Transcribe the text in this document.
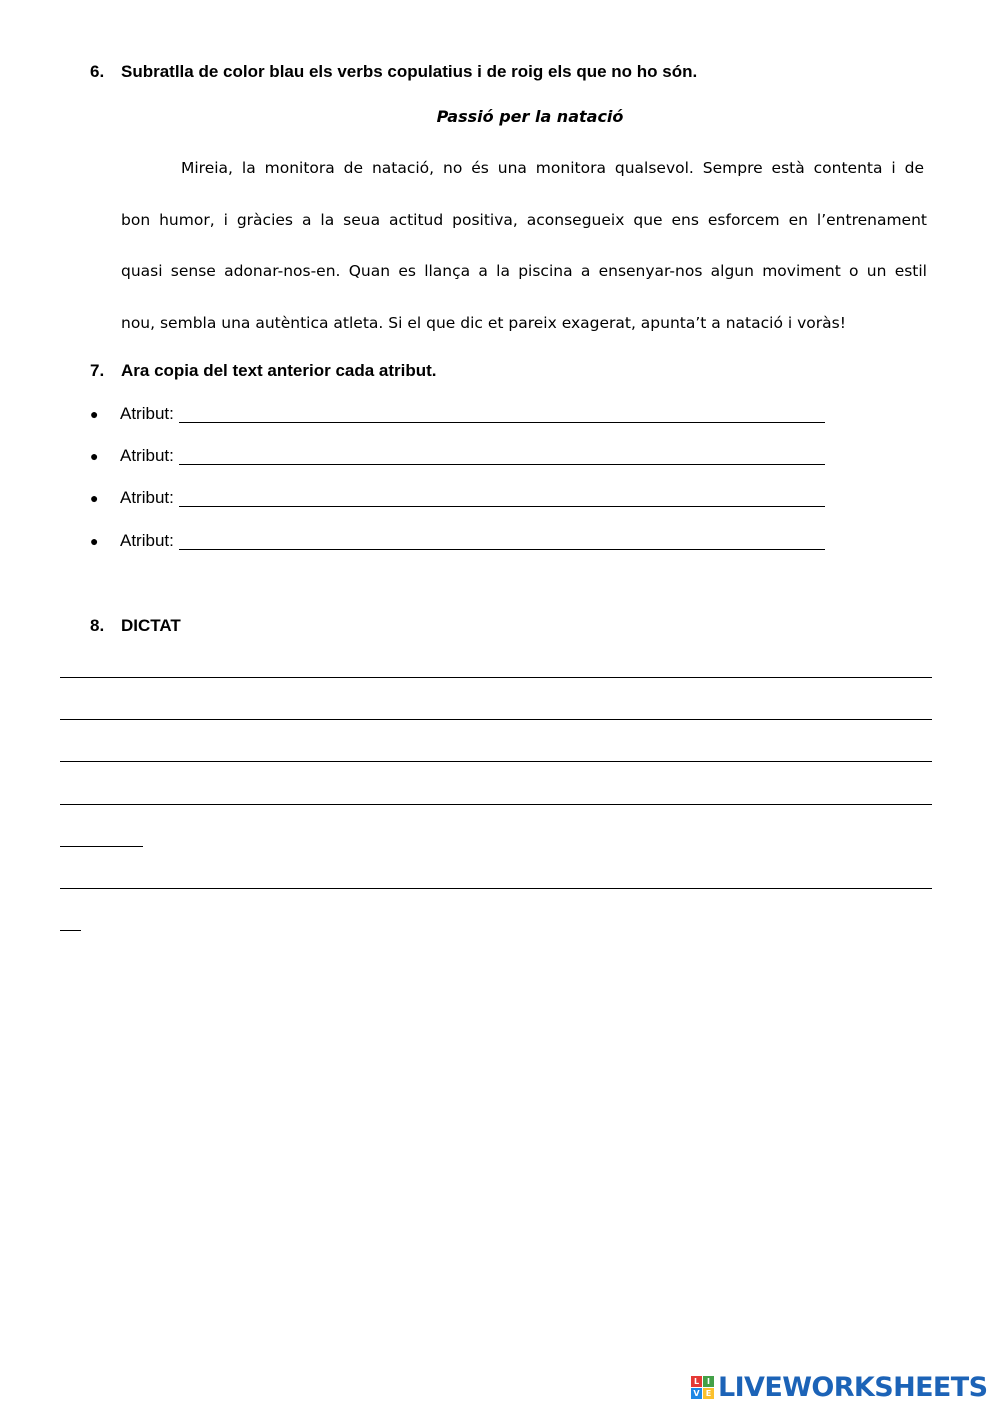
6. Subratlla de color blau els verbs copulatius i de roig els que no ho són.
Passió per la natació
Mireia, la monitora de natació, no és una monitora qualsevol. Sempre està contenta i de
bon humor, i gràcies a la seua actitud positiva, aconsegueix que ens esforcem en l’entrenament
quasi sense adonar-nos-en. Quan es llança a la piscina a ensenyar-nos algun moviment o un estil
nou, sembla una autèntica atleta. Si el que dic et pareix exagerat, apunta’t a natació i voràs!
7. Ara copia del text anterior cada atribut.
● Atribut:
● Atribut:
● Atribut:
● Atribut:
8. DICTAT
L I
V E LIVEWORKSHEETS
